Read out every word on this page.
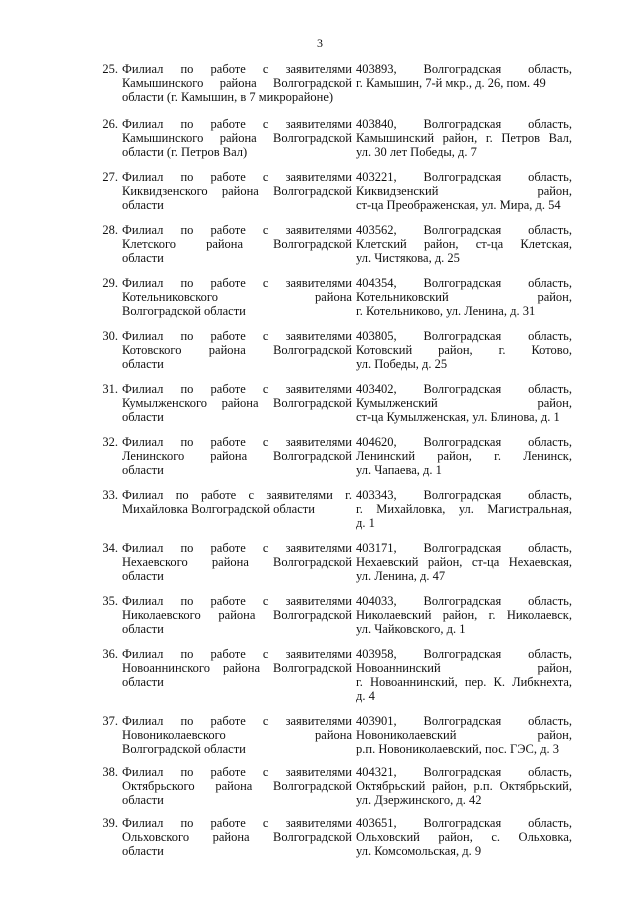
3
25. Филиал по работе с заявителями
Камышинского района Волгоградской
области (г. Камышин, в 7 микрорайоне)
403893, Волгоградская область,
г. Камышин, 7-й мкр., д. 26, пом. 49
26. Филиал по работе с заявителями
Камышинского района Волгоградской
области (г. Петров Вал)
403840, Волгоградская область,
Камышинский район, г. Петров Вал,
ул. 30 лет Победы, д. 7
27. Филиал по работе с заявителями
Киквидзенского района Волгоградской
области
403221, Волгоградская область,
Киквидзенский район,
ст-ца Преображенская, ул. Мира, д. 54
28. Филиал по работе с заявителями
Клетского района Волгоградской
области
403562, Волгоградская область,
Клетский район, ст-ца Клетская,
ул. Чистякова, д. 25
29. Филиал по работе с заявителями
Котельниковского района
Волгоградской области
404354, Волгоградская область,
Котельниковский район,
г. Котельниково, ул. Ленина, д. 31
30. Филиал по работе с заявителями
Котовского района Волгоградской
области
403805, Волгоградская область,
Котовский район, г. Котово,
ул. Победы, д. 25
31. Филиал по работе с заявителями
Кумылженского района Волгоградской
области
403402, Волгоградская область,
Кумылженский район,
ст-ца Кумылженская, ул. Блинова, д. 1
32. Филиал по работе с заявителями
Ленинского района Волгоградской
области
404620, Волгоградская область,
Ленинский район, г. Ленинск,
ул. Чапаева, д. 1
33. Филиал по работе с заявителями г.
Михайловка Волгоградской области
403343, Волгоградская область,
г. Михайловка, ул. Магистральная,
д. 1
34. Филиал по работе с заявителями
Нехаевского района Волгоградской
области
403171, Волгоградская область,
Нехаевский район, ст-ца Нехаевская,
ул. Ленина, д. 47
35. Филиал по работе с заявителями
Николаевского района Волгоградской
области
404033, Волгоградская область,
Николаевский район, г. Николаевск,
ул. Чайковского, д. 1
36. Филиал по работе с заявителями
Новоаннинского района Волгоградской
области
403958, Волгоградская область,
Новоаннинский район,
г. Новоаннинский, пер. К. Либкнехта,
д. 4
37. Филиал по работе с заявителями
Новониколаевского района
Волгоградской области
403901, Волгоградская область,
Новониколаевский район,
р.п. Новониколаевский, пос. ГЭС, д. 3
38. Филиал по работе с заявителями
Октябрьского района Волгоградской
области
404321, Волгоградская область,
Октябрьский район, р.п. Октябрьский,
ул. Дзержинского, д. 42
39. Филиал по работе с заявителями
Ольховского района Волгоградской
области
403651, Волгоградская область,
Ольховский район, с. Ольховка,
ул. Комсомольская, д. 9
